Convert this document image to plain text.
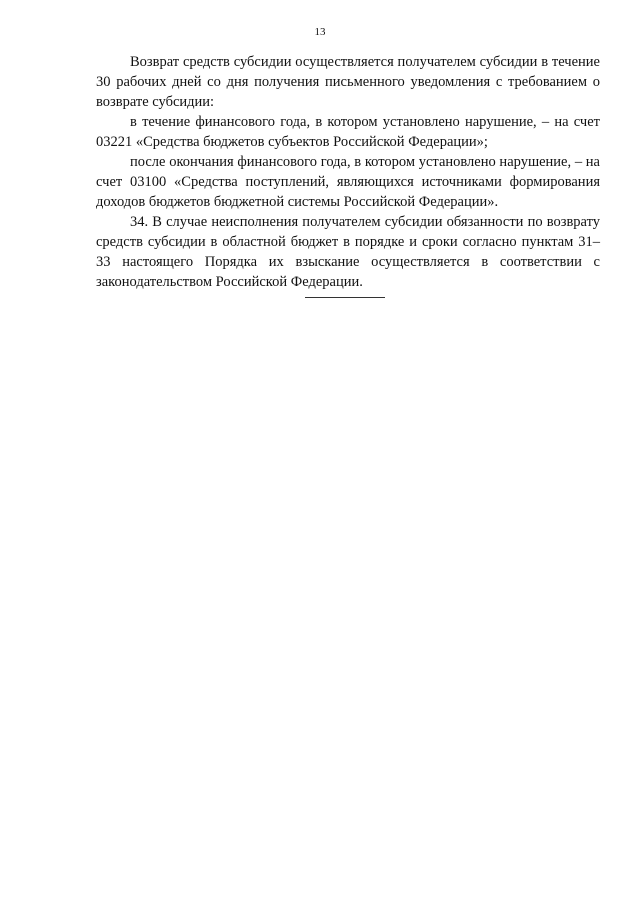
13

Возврат средств субсидии осуществляется получателем субсидии в течение 30 рабочих дней со дня получения письменного уведомления с требованием о возврате субсидии:

в течение финансового года, в котором установлено нарушение, – на счет 03221 «Средства бюджетов субъектов Российской Федерации»;

после окончания финансового года, в котором установлено нарушение, – на счет 03100 «Средства поступлений, являющихся источниками формирования доходов бюджетов бюджетной системы Российской Федерации».

34. В случае неисполнения получателем субсидии обязанности по возврату средств субсидии в областной бюджет в порядке и сроки согласно пунктам 31–33 настоящего Порядка их взыскание осуществляется в соответствии с законодательством Российской Федерации.
